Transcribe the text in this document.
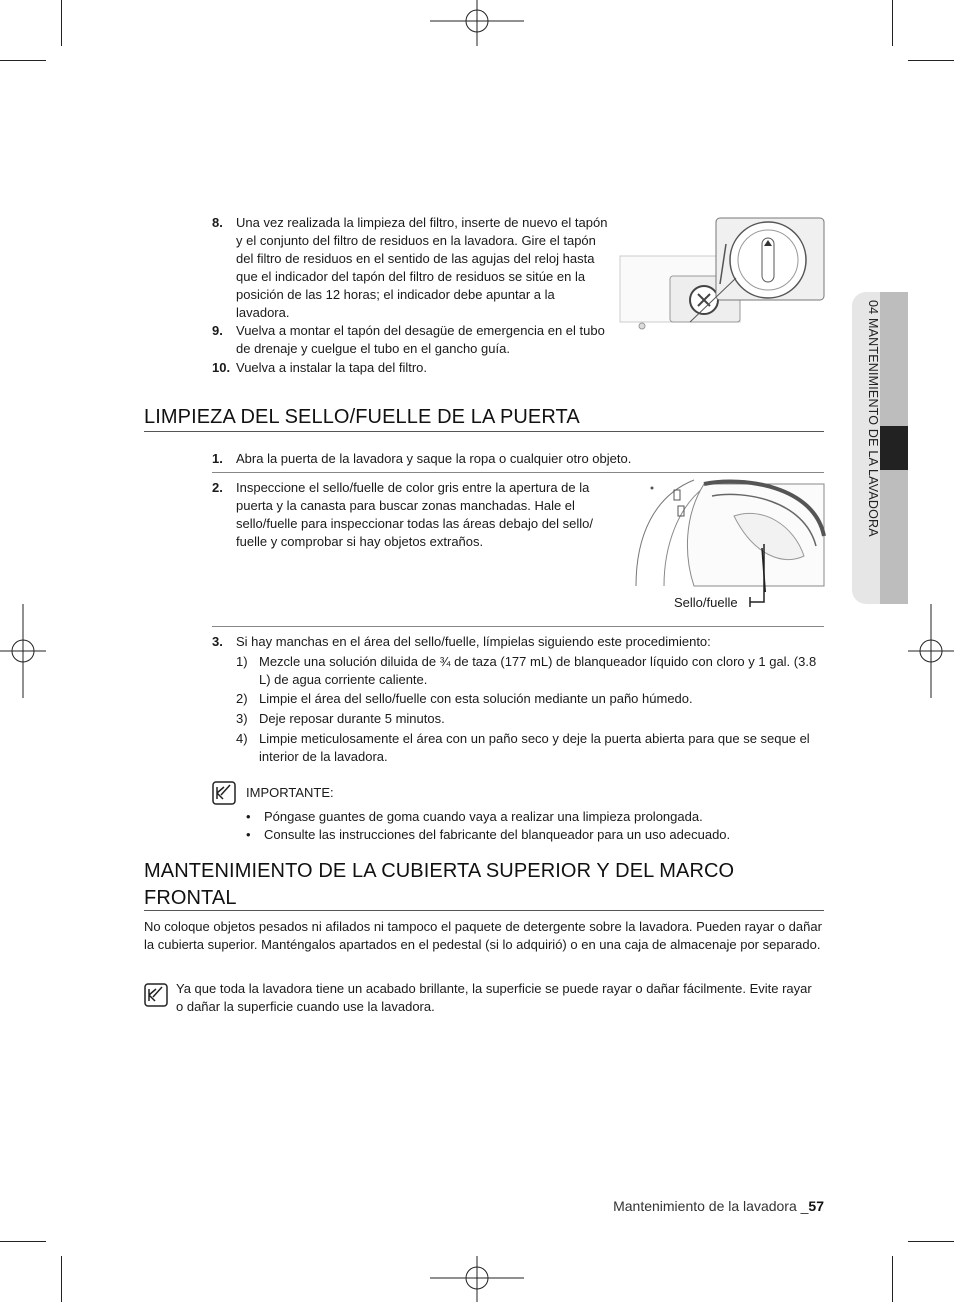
04 MANTENIMIENTO DE LA LAVADORA
8. Una vez realizada la limpieza del filtro, inserte de nuevo el tapón y el conjunto del filtro de residuos en la lavadora. Gire el tapón del filtro de residuos en el sentido de las agujas del reloj hasta que el indicador del tapón del filtro de residuos se sitúe en la posición de las 12 horas; el indicador debe apuntar a la lavadora.
9. Vuelva a montar el tapón del desagüe de emergencia en el tubo de drenaje y cuelgue el tubo en el gancho guía.
10. Vuelva a instalar la tapa del filtro.
LIMPIEZA DEL SELLO/FUELLE DE LA PUERTA
1. Abra la puerta de la lavadora y saque la ropa o cualquier otro objeto.
2. Inspeccione el sello/fuelle de color gris entre la apertura de la puerta y la canasta para buscar zonas manchadas. Hale el sello/fuelle para inspeccionar todas las áreas debajo del sello/ fuelle y comprobar si hay objetos extraños.
Sello/fuelle
3. Si hay manchas en el área del sello/fuelle, límpielas siguiendo este procedimiento:
1) Mezcle una solución diluida de ¾ de taza (177 mL) de blanqueador líquido con cloro y 1 gal. (3.8 L) de agua corriente caliente.
2) Limpie el área del sello/fuelle con esta solución mediante un paño húmedo.
3) Deje reposar durante 5 minutos.
4) Limpie meticulosamente el área con un paño seco y deje la puerta abierta para que se seque el interior de la lavadora.
IMPORTANTE:
• Póngase guantes de goma cuando vaya a realizar una limpieza prolongada.
• Consulte las instrucciones del fabricante del blanqueador para un uso adecuado.
MANTENIMIENTO DE LA CUBIERTA SUPERIOR Y DEL MARCO
FRONTAL
No coloque objetos pesados ni afilados ni tampoco el paquete de detergente sobre la lavadora. Pueden rayar o dañar la cubierta superior. Manténgalos apartados en el pedestal (si lo adquirió) o en una caja de almacenaje por separado.
Ya que toda la lavadora tiene un acabado brillante, la superficie se puede rayar o dañar fácilmente. Evite rayar o dañar la superficie cuando use la lavadora.
Mantenimiento de la lavadora _57
